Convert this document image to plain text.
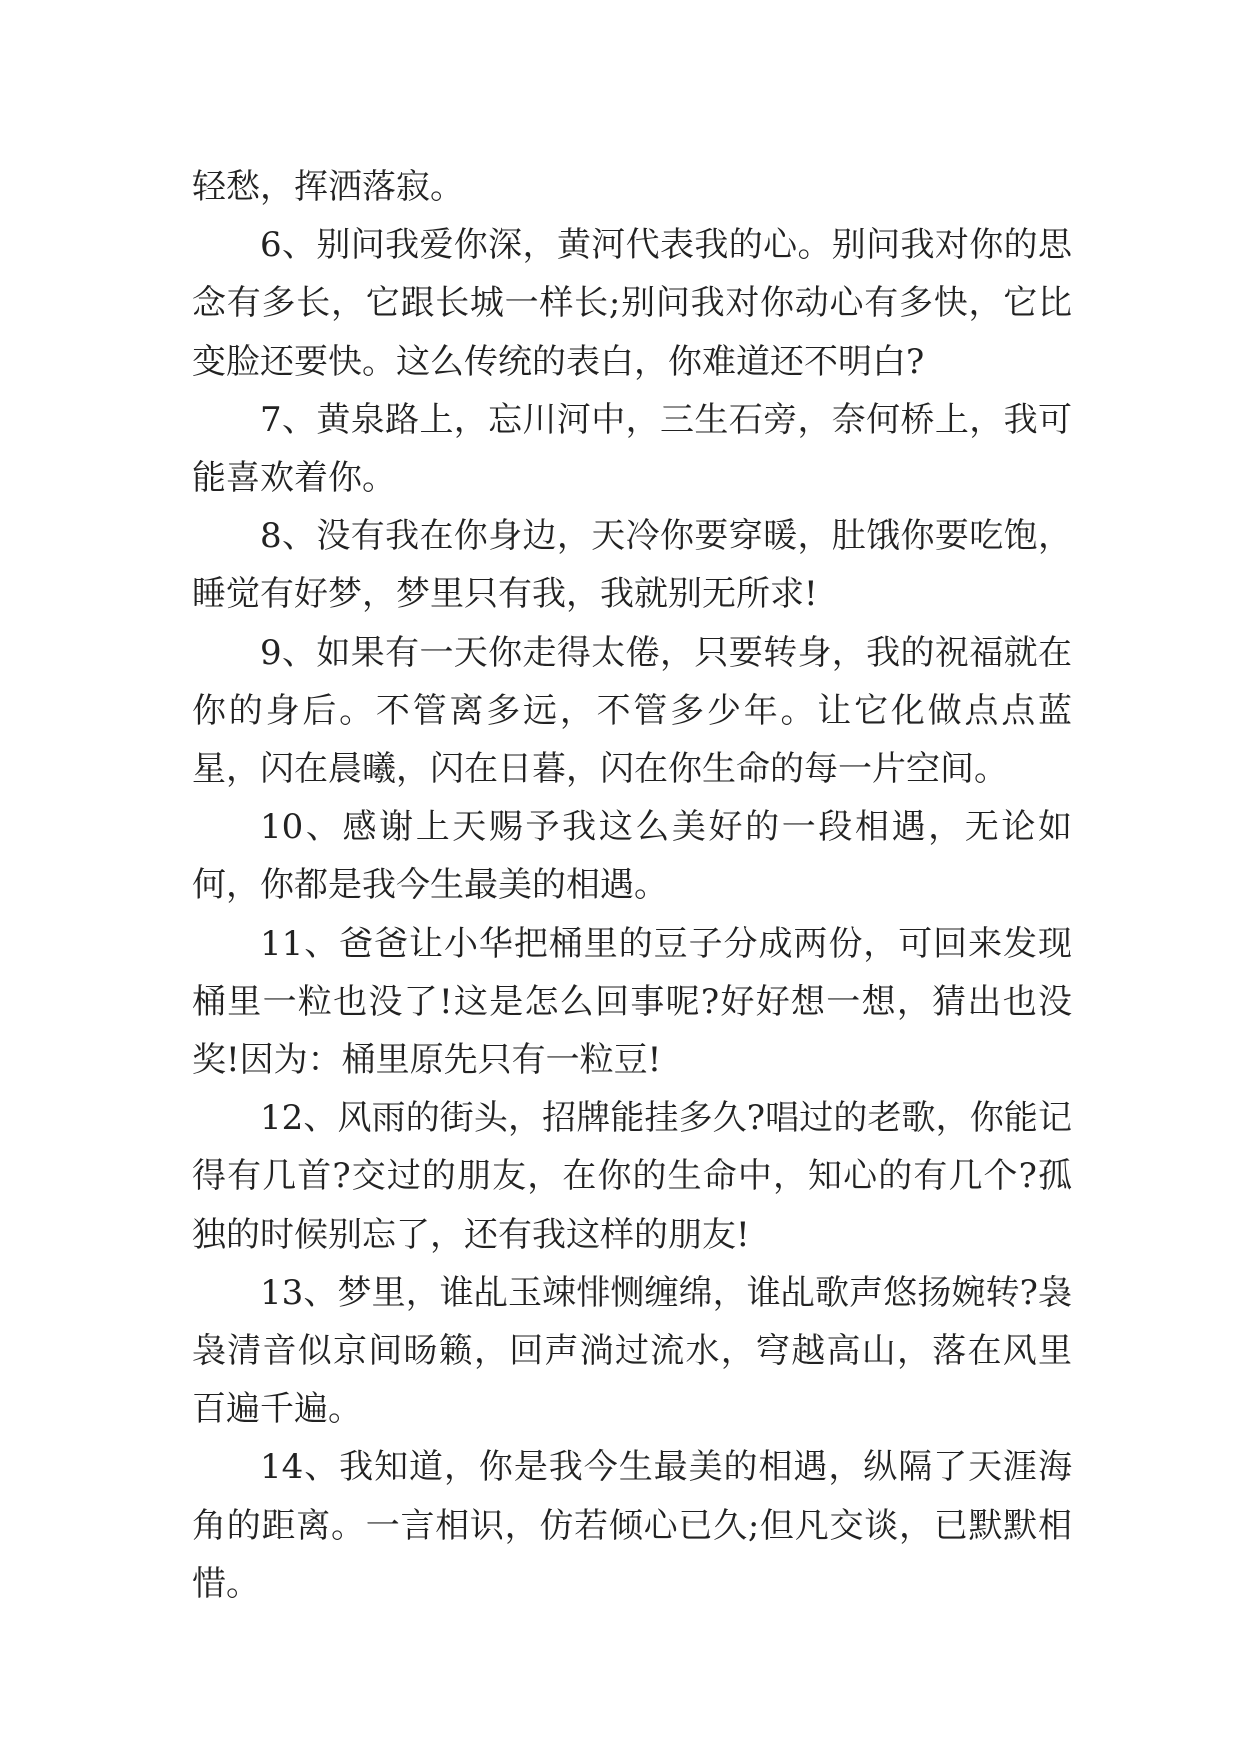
轻愁，挥洒落寂。

6、别问我爱你深，黄河代表我的心。别问我对你的思念有多长，它跟长城一样长;别问我对你动心有多快，它比变脸还要快。这么传统的表白，你难道还不明白?

7、黄泉路上，忘川河中，三生石旁，奈何桥上，我可能喜欢着你。

8、没有我在你身边，天冷你要穿暖，肚饿你要吃饱，睡觉有好梦，梦里只有我，我就别无所求!

9、如果有一天你走得太倦，只要转身，我的祝福就在你的身后。不管离多远，不管多少年。让它化做点点蓝星，闪在晨曦，闪在日暮，闪在你生命的每一片空间。

10、感谢上天赐予我这么美好的一段相遇，无论如何，你都是我今生最美的相遇。

11、爸爸让小华把桶里的豆子分成两份，可回来发现桶里一粒也没了!这是怎么回事呢?好好想一想，猜出也没奖!因为：桶里原先只有一粒豆!

12、风雨的街头，招牌能挂多久?唱过的老歌，你能记得有几首?交过的朋友，在你的生命中，知心的有几个?孤独的时候别忘了，还有我这样的朋友!

13、梦里，谁乩玉竦悱恻缠绵，谁乩歌声悠扬婉转?袅袅清音似京间旸籁，回声淌过流水，穹越高山，落在风里百遍千遍。

14、我知道，你是我今生最美的相遇，纵隔了天涯海角的距离。一言相识，仿若倾心已久;但凡交谈，已默默相惜。
